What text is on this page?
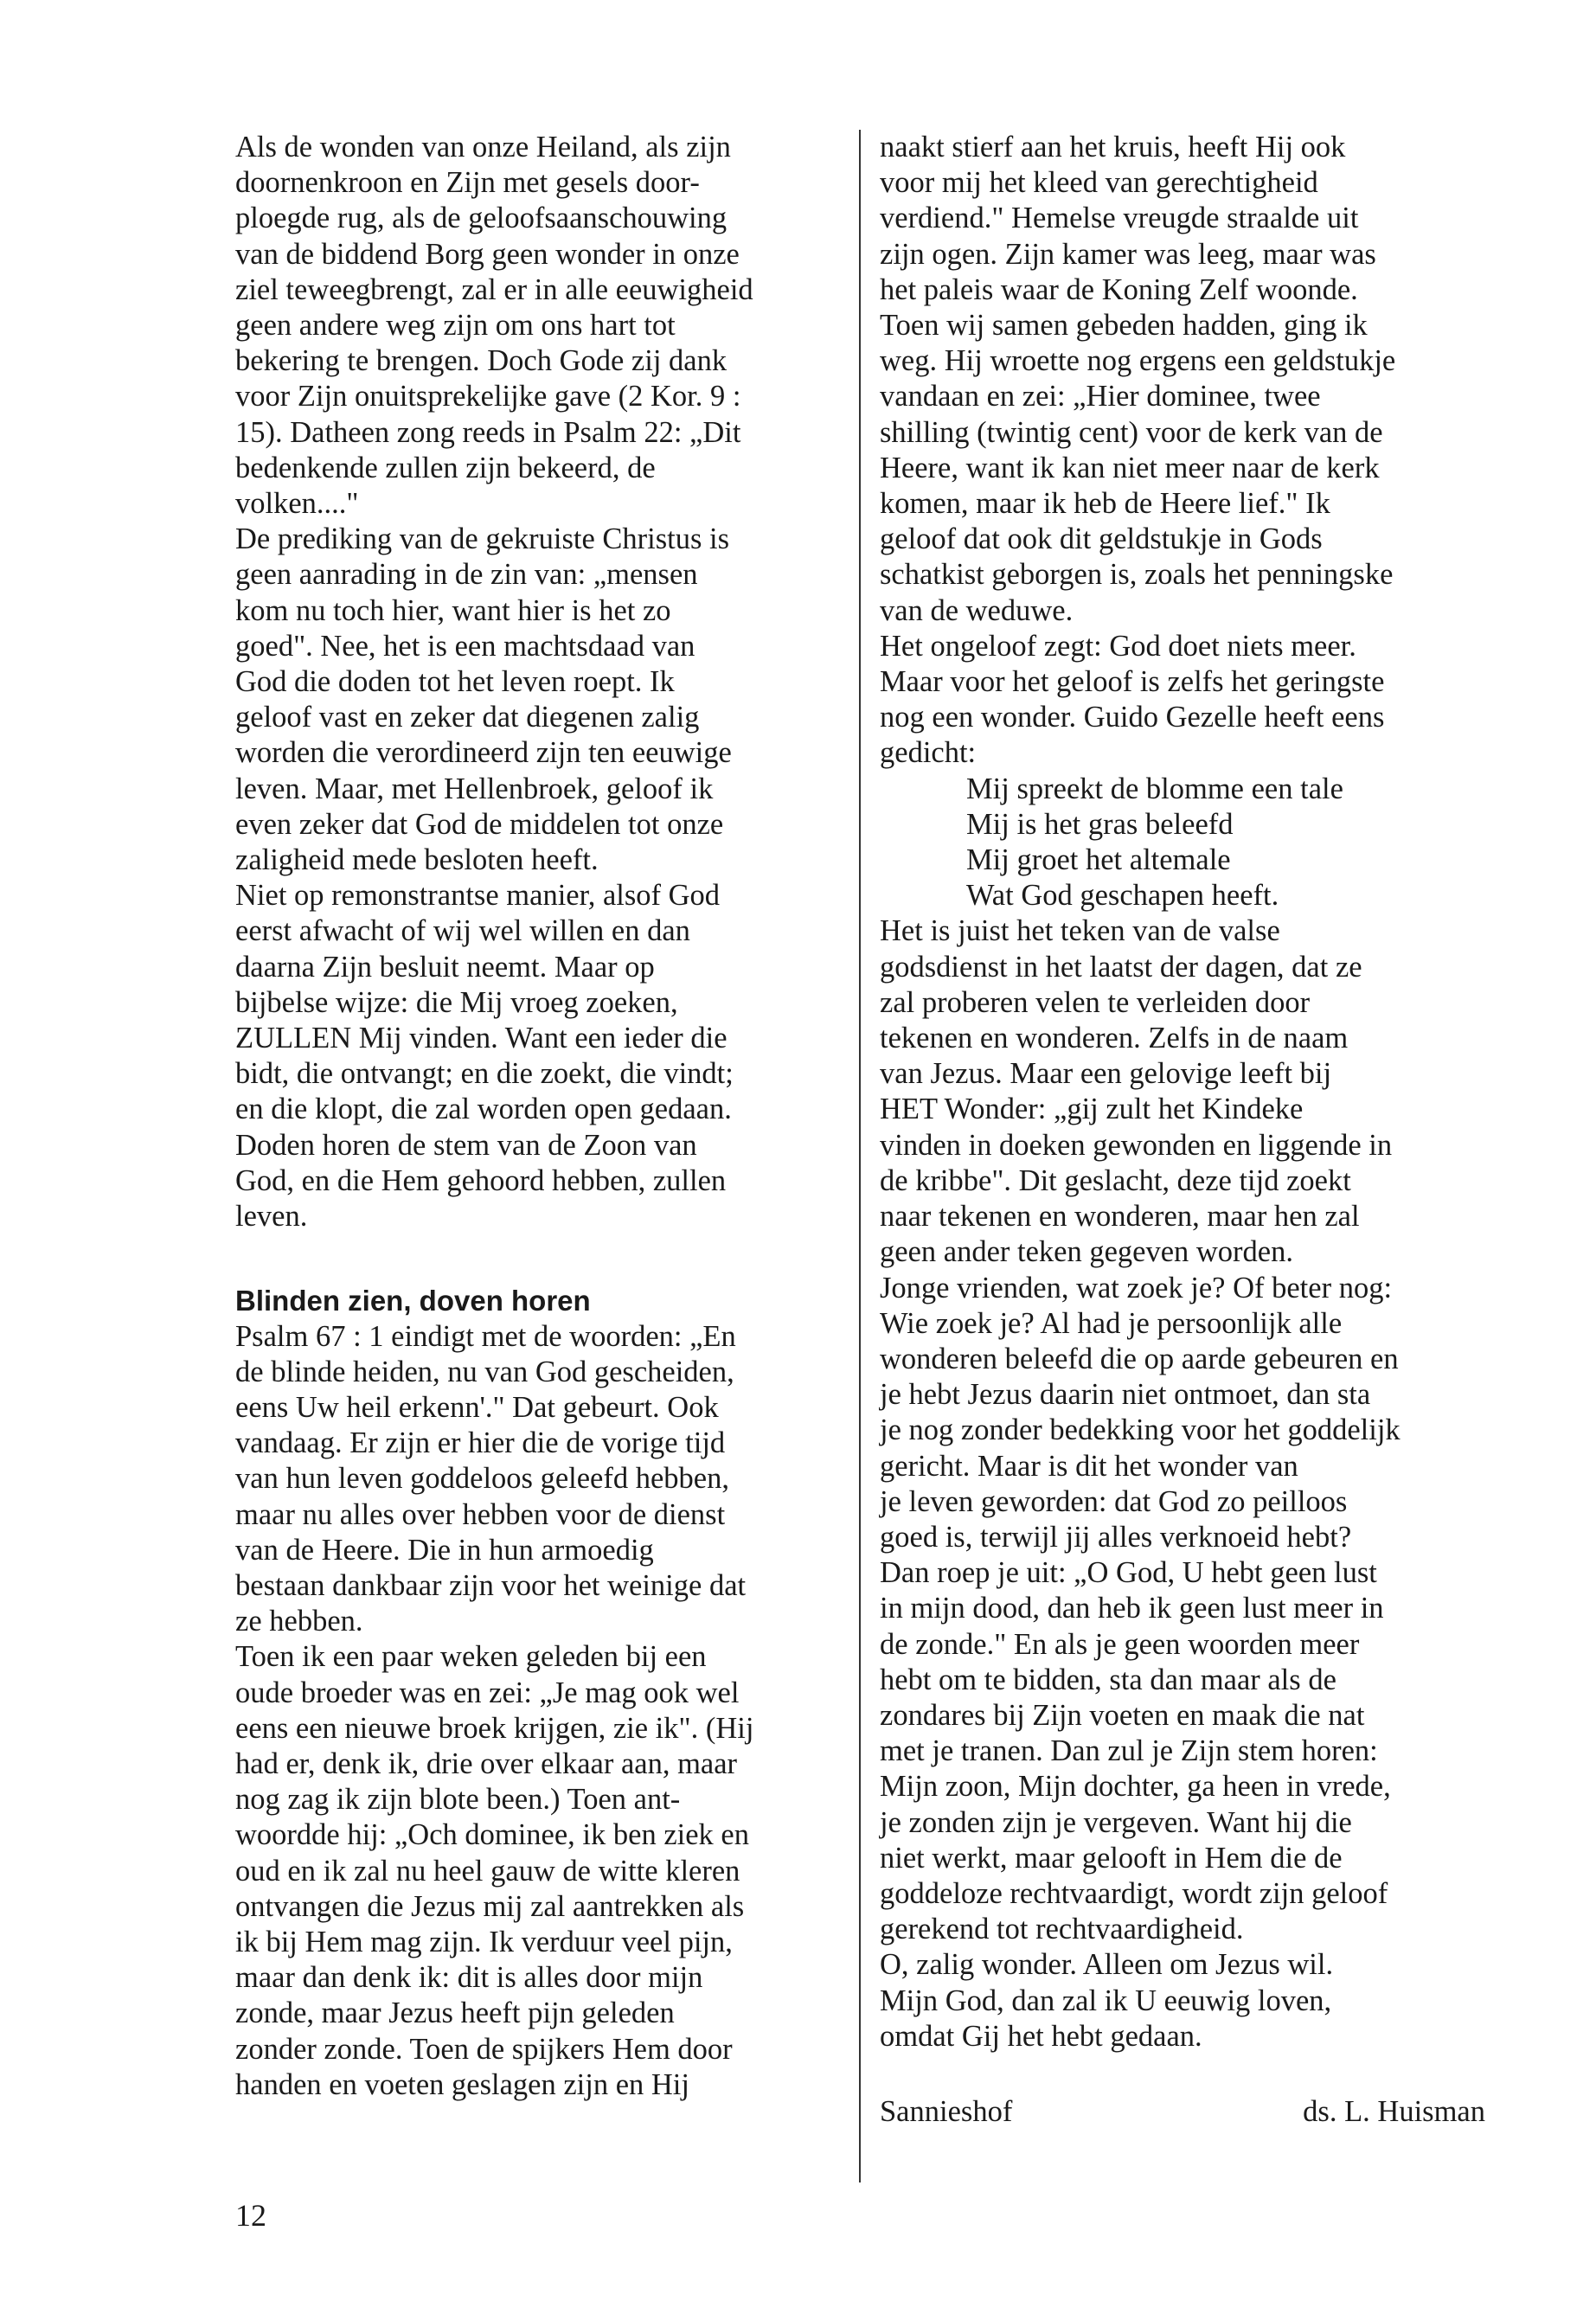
Als de wonden van onze Heiland, als zijn
doornenkroon en Zijn met gesels door-
ploegde rug, als de geloofsaanschouwing
van de biddend Borg geen wonder in onze
ziel teweegbrengt, zal er in alle eeuwigheid
geen andere weg zijn om ons hart tot
bekering te brengen. Doch Gode zij dank
voor Zijn onuitsprekelijke gave (2 Kor. 9 :
15). Datheen zong reeds in Psalm 22: „Dit
bedenkende zullen zijn bekeerd, de
volken...."
De prediking van de gekruiste Christus is
geen aanrading in de zin van: „mensen
kom nu toch hier, want hier is het zo
goed". Nee, het is een machtsdaad van
God die doden tot het leven roept. Ik
geloof vast en zeker dat diegenen zalig
worden die verordineerd zijn ten eeuwige
leven. Maar, met Hellenbroek, geloof ik
even zeker dat God de middelen tot onze
zaligheid mede besloten heeft.
Niet op remonstrantse manier, alsof God
eerst afwacht of wij wel willen en dan
daarna Zijn besluit neemt. Maar op
bijbelse wijze: die Mij vroeg zoeken,
ZULLEN Mij vinden. Want een ieder die
bidt, die ontvangt; en die zoekt, die vindt;
en die klopt, die zal worden open gedaan.
Doden horen de stem van de Zoon van
God, en die Hem gehoord hebben, zullen
leven.
Blinden zien, doven horen
Psalm 67 : 1 eindigt met de woorden: „En
de blinde heiden, nu van God gescheiden,
eens Uw heil erkenn'." Dat gebeurt. Ook
vandaag. Er zijn er hier die de vorige tijd
van hun leven goddeloos geleefd hebben,
maar nu alles over hebben voor de dienst
van de Heere. Die in hun armoedig
bestaan dankbaar zijn voor het weinige dat
ze hebben.
Toen ik een paar weken geleden bij een
oude broeder was en zei: „Je mag ook wel
eens een nieuwe broek krijgen, zie ik". (Hij
had er, denk ik, drie over elkaar aan, maar
nog zag ik zijn blote been.) Toen ant-
woordde hij: „Och dominee, ik ben ziek en
oud en ik zal nu heel gauw de witte kleren
ontvangen die Jezus mij zal aantrekken als
ik bij Hem mag zijn. Ik verduur veel pijn,
maar dan denk ik: dit is alles door mijn
zonde, maar Jezus heeft pijn geleden
zonder zonde. Toen de spijkers Hem door
handen en voeten geslagen zijn en Hij
naakt stierf aan het kruis, heeft Hij ook
voor mij het kleed van gerechtigheid
verdiend." Hemelse vreugde straalde uit
zijn ogen. Zijn kamer was leeg, maar was
het paleis waar de Koning Zelf woonde.
Toen wij samen gebeden hadden, ging ik
weg. Hij wroette nog ergens een geldstukje
vandaan en zei: „Hier dominee, twee
shilling (twintig cent) voor de kerk van de
Heere, want ik kan niet meer naar de kerk
komen, maar ik heb de Heere lief." Ik
geloof dat ook dit geldstukje in Gods
schatkist geborgen is, zoals het penningske
van de weduwe.
Het ongeloof zegt: God doet niets meer.
Maar voor het geloof is zelfs het geringste
nog een wonder. Guido Gezelle heeft eens
gedicht:
Mij spreekt de blomme een tale
Mij is het gras beleefd
Mij groet het altemale
Wat God geschapen heeft.
Het is juist het teken van de valse
godsdienst in het laatst der dagen, dat ze
zal proberen velen te verleiden door
tekenen en wonderen. Zelfs in de naam
van Jezus. Maar een gelovige leeft bij
HET Wonder: „gij zult het Kindeke
vinden in doeken gewonden en liggende in
de kribbe". Dit geslacht, deze tijd zoekt
naar tekenen en wonderen, maar hen zal
geen ander teken gegeven worden.
Jonge vrienden, wat zoek je? Of beter nog:
Wie zoek je? Al had je persoonlijk alle
wonderen beleefd die op aarde gebeuren en
je hebt Jezus daarin niet ontmoet, dan sta
je nog zonder bedekking voor het goddelijk
gericht. Maar is dit het wonder van
je leven geworden: dat God zo peilloos
goed is, terwijl jij alles verknoeid hebt?
Dan roep je uit: „O God, U hebt geen lust
in mijn dood, dan heb ik geen lust meer in
de zonde." En als je geen woorden meer
hebt om te bidden, sta dan maar als de
zondares bij Zijn voeten en maak die nat
met je tranen. Dan zul je Zijn stem horen:
Mijn zoon, Mijn dochter, ga heen in vrede,
je zonden zijn je vergeven. Want hij die
niet werkt, maar gelooft in Hem die de
goddeloze rechtvaardigt, wordt zijn geloof
gerekend tot rechtvaardigheid.
O, zalig wonder. Alleen om Jezus wil.
Mijn God, dan zal ik U eeuwig loven,
omdat Gij het hebt gedaan.
Sannieshof	ds. L. Huisman
12
